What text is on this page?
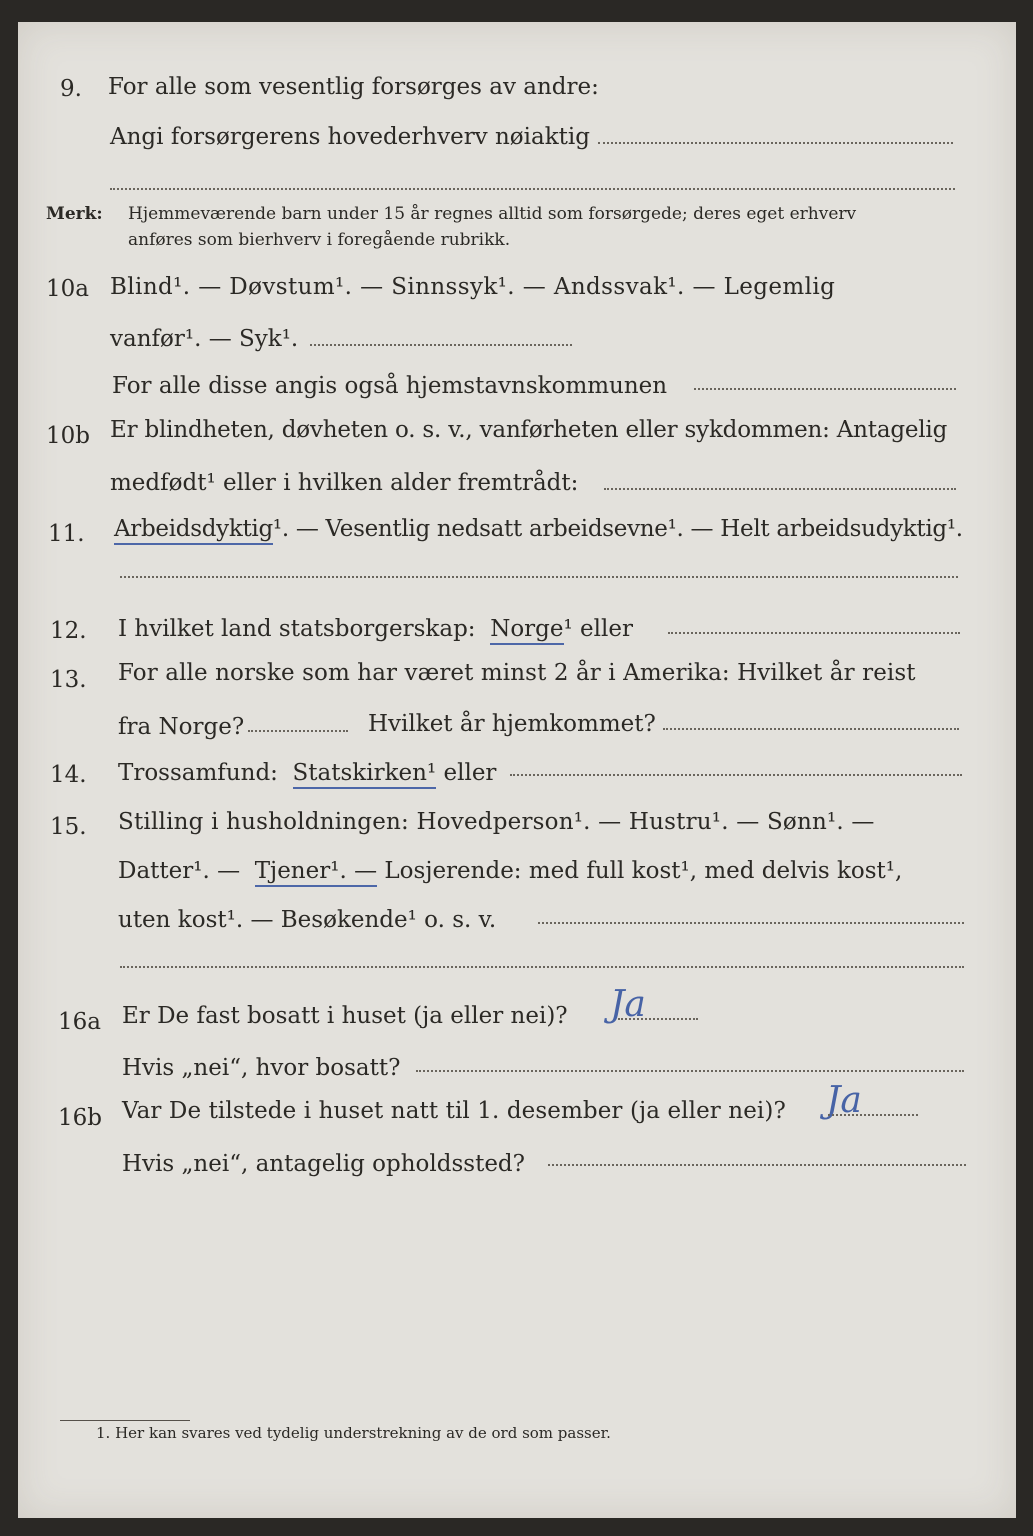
9. For alle som vesentlig forsørges av andre:
Angi forsørgerens hovederhverv nøiaktig
Merk: Hjemmeværende barn under 15 år regnes alltid som forsørgede; deres eget erhverv
anføres som bierhverv i foregående rubrikk.
10a Blind¹. — Døvstum¹. — Sinnssyk¹. — Andssvak¹. — Legemlig
vanfør¹. — Syk¹.
For alle disse angis også hjemstavnskommunen
10b Er blindheten, døvheten o. s. v., vanførheten eller sykdommen: Antagelig
medfødt¹ eller i hvilken alder fremtrådt:
11. Arbeidsdyktig¹. — Vesentlig nedsatt arbeidsevne¹. — Helt arbeidsudyktig¹.
12. I hvilket land statsborgerskap: Norge¹ eller
13. For alle norske som har været minst 2 år i Amerika: Hvilket år reist
fra Norge?	Hvilket år hjemkommet?
14. Trossamfund: Statskirken¹ eller
15. Stilling i husholdningen: Hovedperson¹. — Hustru¹. — Sønn¹. —
Datter¹. — Tjener¹. — Losjerende: med full kost¹, med delvis kost¹,
uten kost¹. — Besøkende¹ o. s. v.
16a Er De fast bosatt i huset (ja eller nei)? Ja
Hvis „nei“, hvor bosatt?
16b Var De tilstede i huset natt til 1. desember (ja eller nei)? Ja
Hvis „nei“, antagelig opholdssted?
1. Her kan svares ved tydelig understrekning av de ord som passer.
